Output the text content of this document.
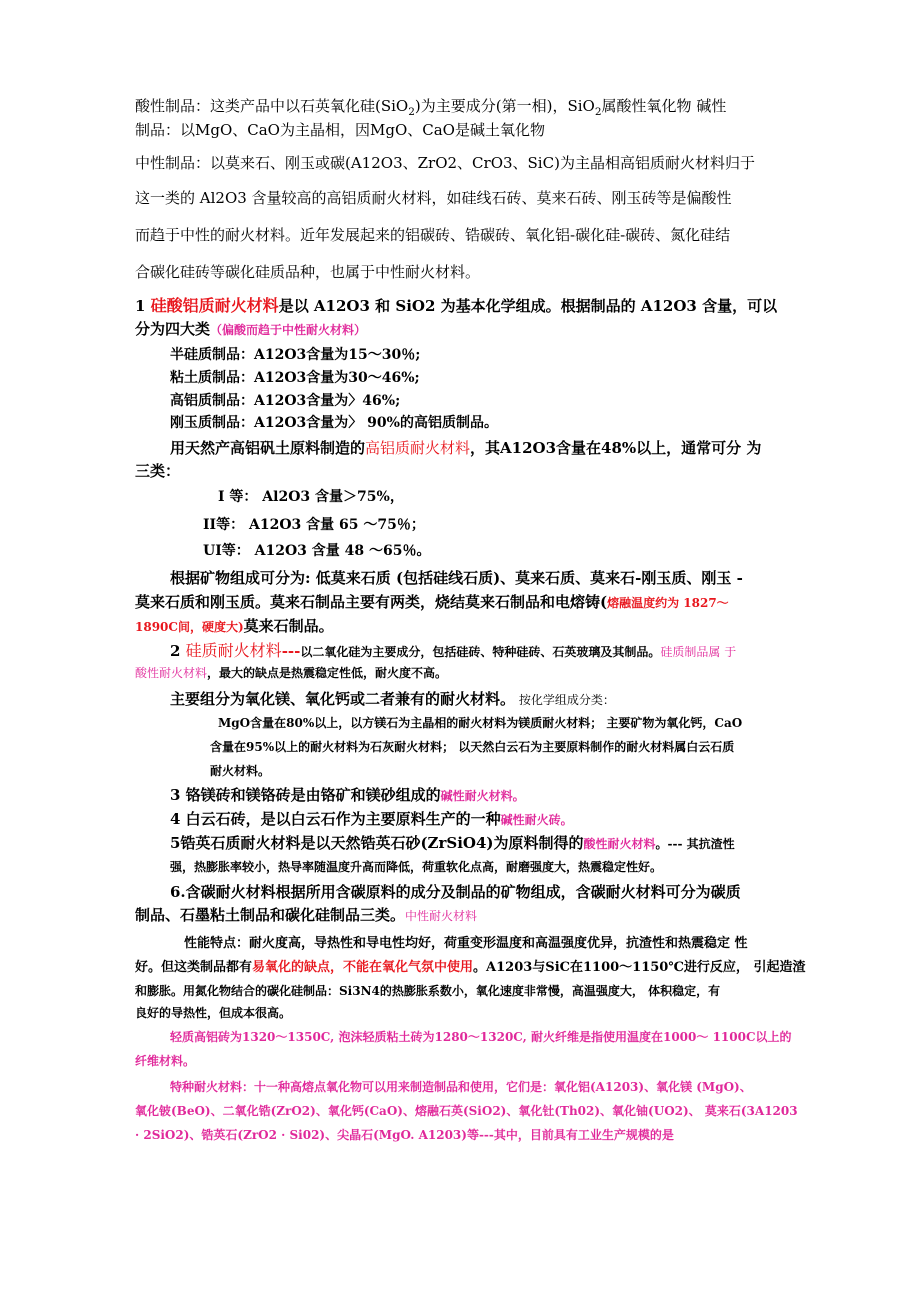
酸性制品：这类产品中以石英氧化硅(SiO$_2$)为主要成分(第一相)，SiO$_2$属酸性氧化物 碱性
制品：以MgO、CaO为主晶相，因MgO、CaO是碱土氧化物
中性制品：以莫来石、刚玉或碳(A12O3、ZrO2、CrO3、SiC)为主晶相高铝质耐火材料归于
这一类的 Al2O3 含量较高的高铝质耐火材料，如硅线石砖、莫来石砖、刚玉砖等是偏酸性
而趋于中性的耐火材料。近年发展起来的铝碳砖、锆碳砖、氧化铝-碳化硅-碳砖、氮化硅结
合碳化硅砖等碳化硅质品种，也属于中性耐火材料。
1 硅酸铝质耐火材料是以 A12O3 和 SiO2 为基本化学组成。根据制品的 A12O3 含量，可以
分为四大类（偏酸而趋于中性耐火材料）
半硅质制品：A12O3含量为15～30％;
粘土质制品：A12O3含量为30～46%;
高铝质制品：A12O3含量为〉46%;
刚玉质制品：A12O3含量为〉 90%的高铝质制品。
用天然产高铝矾土原料制造的高铝质耐火材料，其A12O3含量在48%以上，通常可分 为
三类：
I 等： Al2O3 含量＞75%，
II等： A12O3 含量 65 ～75％；
UI等： A12O3 含量 48 ～65％。
根据矿物组成可分为: 低莫来石质 (包括硅线石质)、莫来石质、莫来石-刚玉质、刚玉 -
莫来石质和刚玉质。莫来石制品主要有两类，烧结莫来石制品和电熔铸(熔融温度约为 1827～
1890C间，硬度大)莫来石制品。
2 硅质耐火材料---以二氧化硅为主要成分，包括硅砖、特种硅砖、石英玻璃及其制品。硅质制品属 于
酸性耐火材料，最大的缺点是热震稳定性低，耐火度不高。
主要组分为氧化镁、氧化钙或二者兼有的耐火材料。 按化学组成分类：
MgO含量在80%以上，以方镁石为主晶相的耐火材料为镁质耐火材料； 主要矿物为氧化钙，CaO
含量在95%以上的耐火材料为石灰耐火材料； 以天然白云石为主要原料制作的耐火材料属白云石质
耐火材料。
3 铬镁砖和镁铬砖是由铬矿和镁砂组成的碱性耐火材料。
4 白云石砖，是以白云石作为主要原料生产的一种碱性耐火砖。
5锆英石质耐火材料是以天然锆英石砂(ZrSiO4)为原料制得的酸性耐火材料。--- 其抗渣性
强，热膨胀率较小，热导率随温度升高而降低，荷重软化点高，耐磨强度大，热震稳定性好。
6.含碳耐火材料根据所用含碳原料的成分及制品的矿物组成，含碳耐火材料可分为碳质
制品、石墨粘土制品和碳化硅制品三类。中性耐火材料
性能特点：耐火度高，导热性和导电性均好，荷重变形温度和高温强度优异，抗渣性和热震稳定 性
好。但这类制品都有易氧化的缺点，不能在氧化气氛中使用。A1203与SiC在1100～1150℃进行反应， 引起造渣
和膨胀。用氮化物结合的碳化硅制品：Si3N4的热膨胀系数小，氧化速度非常慢，高温强度大， 体积稳定，有
良好的导热性，但成本很高。
轻质高铝砖为1320～1350C, 泡沫轻质粘土砖为1280～1320C, 耐火纤维是指使用温度在1000～ 1100C以上的
纤维材料。
特种耐火材料：十一种高熔点氧化物可以用来制造制品和使用，它们是：氧化铝(A1203)、氧化镁 (MgO)、
氧化铍(BeO)、二氧化锆(ZrO2)、氧化钙(CaO)、熔融石英(SiO2)、氧化钍(Th02)、氧化铀(UO2)、 莫来石(3A1203
· 2SiO2)、锆英石(ZrO2 · Si02)、尖晶石(MgO. A1203)等---其中，目前具有工业生产规模的是
